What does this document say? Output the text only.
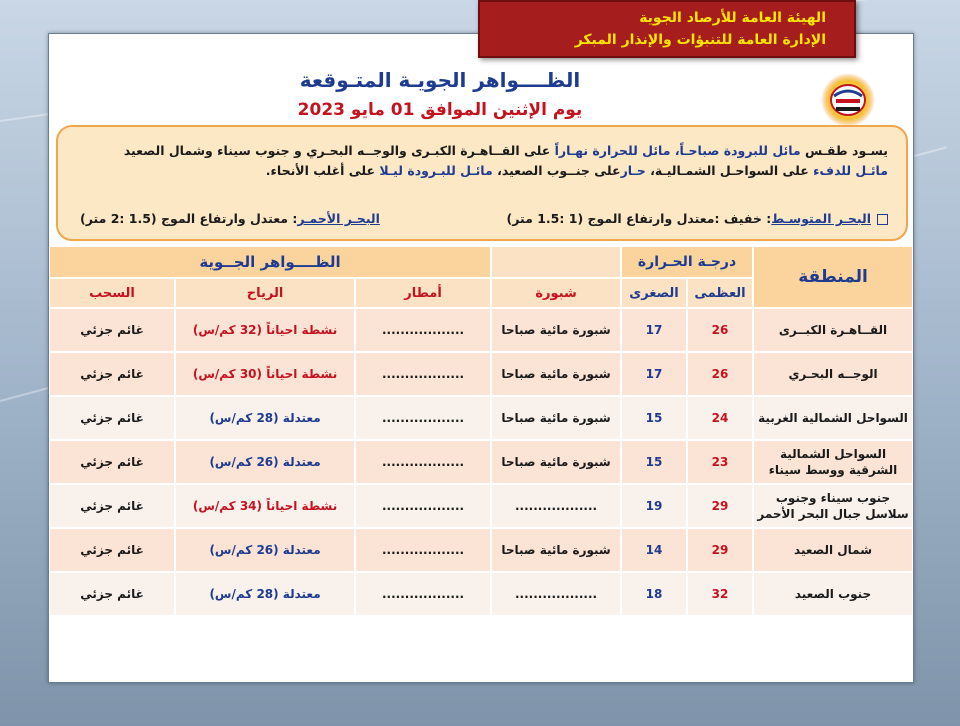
الهيئة العامة للأرصاد الجوية
الإدارة العامة للتنبؤات والإنذار المبكر
الظــــواهر الجويـة المتـوقعة
يوم الإثنين الموافق 01 مايو 2023
يسـود طقـس مائل للبرودة صباحـاً، مائل للحرارة نهـاراً على القــاهـرة الكبـرى والوجــه البحـري و جنوب سيناء وشمال الصعيد
مائـل للدفء على السواحـل الشمـاليـة، حـارعلى جنــوب الصعيد، مائـل للبـرودة ليـلا على أغلب الأنحاء.
البحـر المتوسـط: خفيف :معتدل وارتفاع الموج (1 :1.5 متر)
البحـر الأحمـر: معتدل وارتفاع الموج (1.5 :2 متر)
المنطقة	درجـة الحـرارة			الظــــواهر الجــوية		
	العظمى	الصغرى	شبورة	أمطار	الرياح	السحب
القــاهـرة الكبــرى	26	17	شبورة مائية صباحا	..................	نشطة احياناً (32 كم/س)	غائم جزئي
الوجــه البحـري	26	17	شبورة مائية صباحا	..................	نشطة احياناً (30 كم/س)	غائم جزئي
السواحل الشمالية الغربية	24	15	شبورة مائية صباحا	..................	معتدلة (28 كم/س)	غائم جزئي
السواحل الشمالية الشرقية ووسط سيناء	23	15	شبورة مائية صباحا	..................	معتدلة (26 كم/س)	غائم جزئي
جنوب سيناء وجنوب سلاسل جبال البحر الأحمر	29	19	..................	..................	نشطة احياناً (34 كم/س)	غائم جزئي
شمال الصعيد	29	14	شبورة مائية صباحا	..................	معتدلة (26 كم/س)	غائم جزئي
جنوب الصعيد	32	18	..................	..................	معتدلة (28 كم/س)	غائم جزئي
